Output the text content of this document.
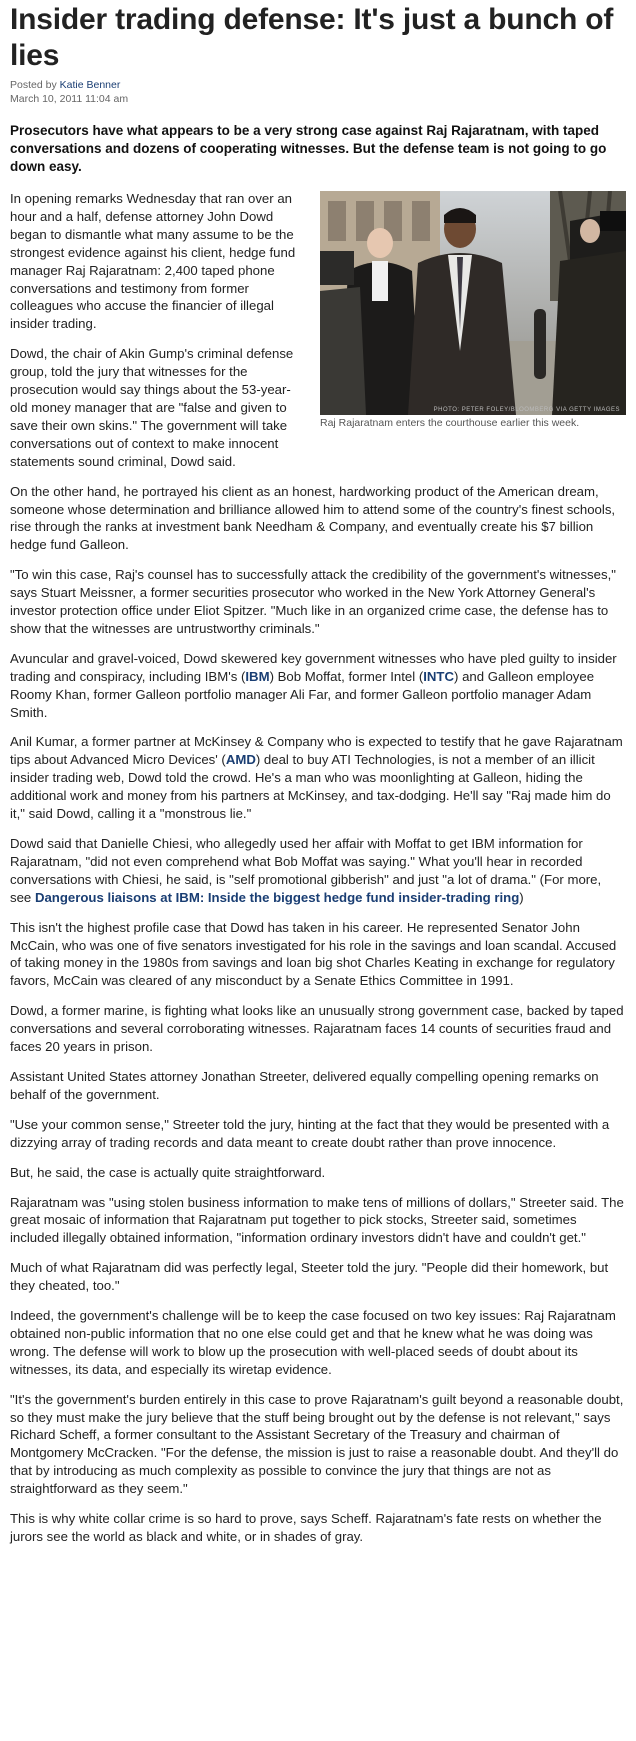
Insider trading defense: It's just a bunch of lies
Posted by Katie Benner
March 10, 2011 11:04 am
Prosecutors have what appears to be a very strong case against Raj Rajaratnam, with taped conversations and dozens of cooperating witnesses. But the defense team is not going to go down easy.
PHOTO: PETER FOLEY/BLOOMBERG VIA GETTY IMAGES
Raj Rajaratnam enters the courthouse earlier this week.

In opening remarks Wednesday that ran over an hour and a half, defense attorney John Dowd began to dismantle what many assume to be the strongest evidence against his client, hedge fund manager Raj Rajaratnam: 2,400 taped phone conversations and testimony from former colleagues who accuse the financier of illegal insider trading.

Dowd, the chair of Akin Gump's criminal defense group, told the jury that witnesses for the prosecution would say things about the 53-year-old money manager that are "false and given to save their own skins." The government will take conversations out of context to make innocent statements sound criminal, Dowd said.

On the other hand, he portrayed his client as an honest, hardworking product of the American dream, someone whose determination and brilliance allowed him to attend some of the country's finest schools, rise through the ranks at investment bank Needham & Company, and eventually create his $7 billion hedge fund Galleon.

"To win this case, Raj's counsel has to successfully attack the credibility of the government's witnesses," says Stuart Meissner, a former securities prosecutor who worked in the New York Attorney General's investor protection office under Eliot Spitzer. "Much like in an organized crime case, the defense has to show that the witnesses are untrustworthy criminals."

Avuncular and gravel-voiced, Dowd skewered key government witnesses who have pled guilty to insider trading and conspiracy, including IBM's (IBM) Bob Moffat, former Intel (INTC) and Galleon employee Roomy Khan, former Galleon portfolio manager Ali Far, and former Galleon portfolio manager Adam Smith.

Anil Kumar, a former partner at McKinsey & Company who is expected to testify that he gave Rajaratnam tips about Advanced Micro Devices' (AMD) deal to buy ATI Technologies, is not a member of an illicit insider trading web, Dowd told the crowd. He's a man who was moonlighting at Galleon, hiding the additional work and money from his partners at McKinsey, and tax-dodging. He'll say "Raj made him do it," said Dowd, calling it a "monstrous lie."

Dowd said that Danielle Chiesi, who allegedly used her affair with Moffat to get IBM information for Rajaratnam, "did not even comprehend what Bob Moffat was saying." What you'll hear in recorded conversations with Chiesi, he said, is "self promotional gibberish" and just "a lot of drama." (For more, see Dangerous liaisons at IBM: Inside the biggest hedge fund insider-trading ring)

This isn't the highest profile case that Dowd has taken in his career. He represented Senator John McCain, who was one of five senators investigated for his role in the savings and loan scandal. Accused of taking money in the 1980s from savings and loan big shot Charles Keating in exchange for regulatory favors, McCain was cleared of any misconduct by a Senate Ethics Committee in 1991.

Dowd, a former marine, is fighting what looks like an unusually strong government case, backed by taped conversations and several corroborating witnesses. Rajaratnam faces 14 counts of securities fraud and faces 20 years in prison.

Assistant United States attorney Jonathan Streeter, delivered equally compelling opening remarks on behalf of the government.

"Use your common sense," Streeter told the jury, hinting at the fact that they would be presented with a dizzying array of trading records and data meant to create doubt rather than prove innocence.

But, he said, the case is actually quite straightforward.

Rajaratnam was "using stolen business information to make tens of millions of dollars," Streeter said. The great mosaic of information that Rajaratnam put together to pick stocks, Streeter said, sometimes included illegally obtained information, "information ordinary investors didn't have and couldn't get."

Much of what Rajaratnam did was perfectly legal, Steeter told the jury. "People did their homework, but they cheated, too."

Indeed, the government's challenge will be to keep the case focused on two key issues: Raj Rajaratnam obtained non-public information that no one else could get and that he knew what he was doing was wrong. The defense will work to blow up the prosecution with well-placed seeds of doubt about its witnesses, its data, and especially its wiretap evidence.

"It's the government's burden entirely in this case to prove Rajaratnam's guilt beyond a reasonable doubt, so they must make the jury believe that the stuff being brought out by the defense is not relevant," says Richard Scheff, a former consultant to the Assistant Secretary of the Treasury and chairman of Montgomery McCracken. "For the defense, the mission is just to raise a reasonable doubt. And they'll do that by introducing as much complexity as possible to convince the jury that things are not as straightforward as they seem."

This is why white collar crime is so hard to prove, says Scheff. Rajaratnam's fate rests on whether the jurors see the world as black and white, or in shades of gray.
